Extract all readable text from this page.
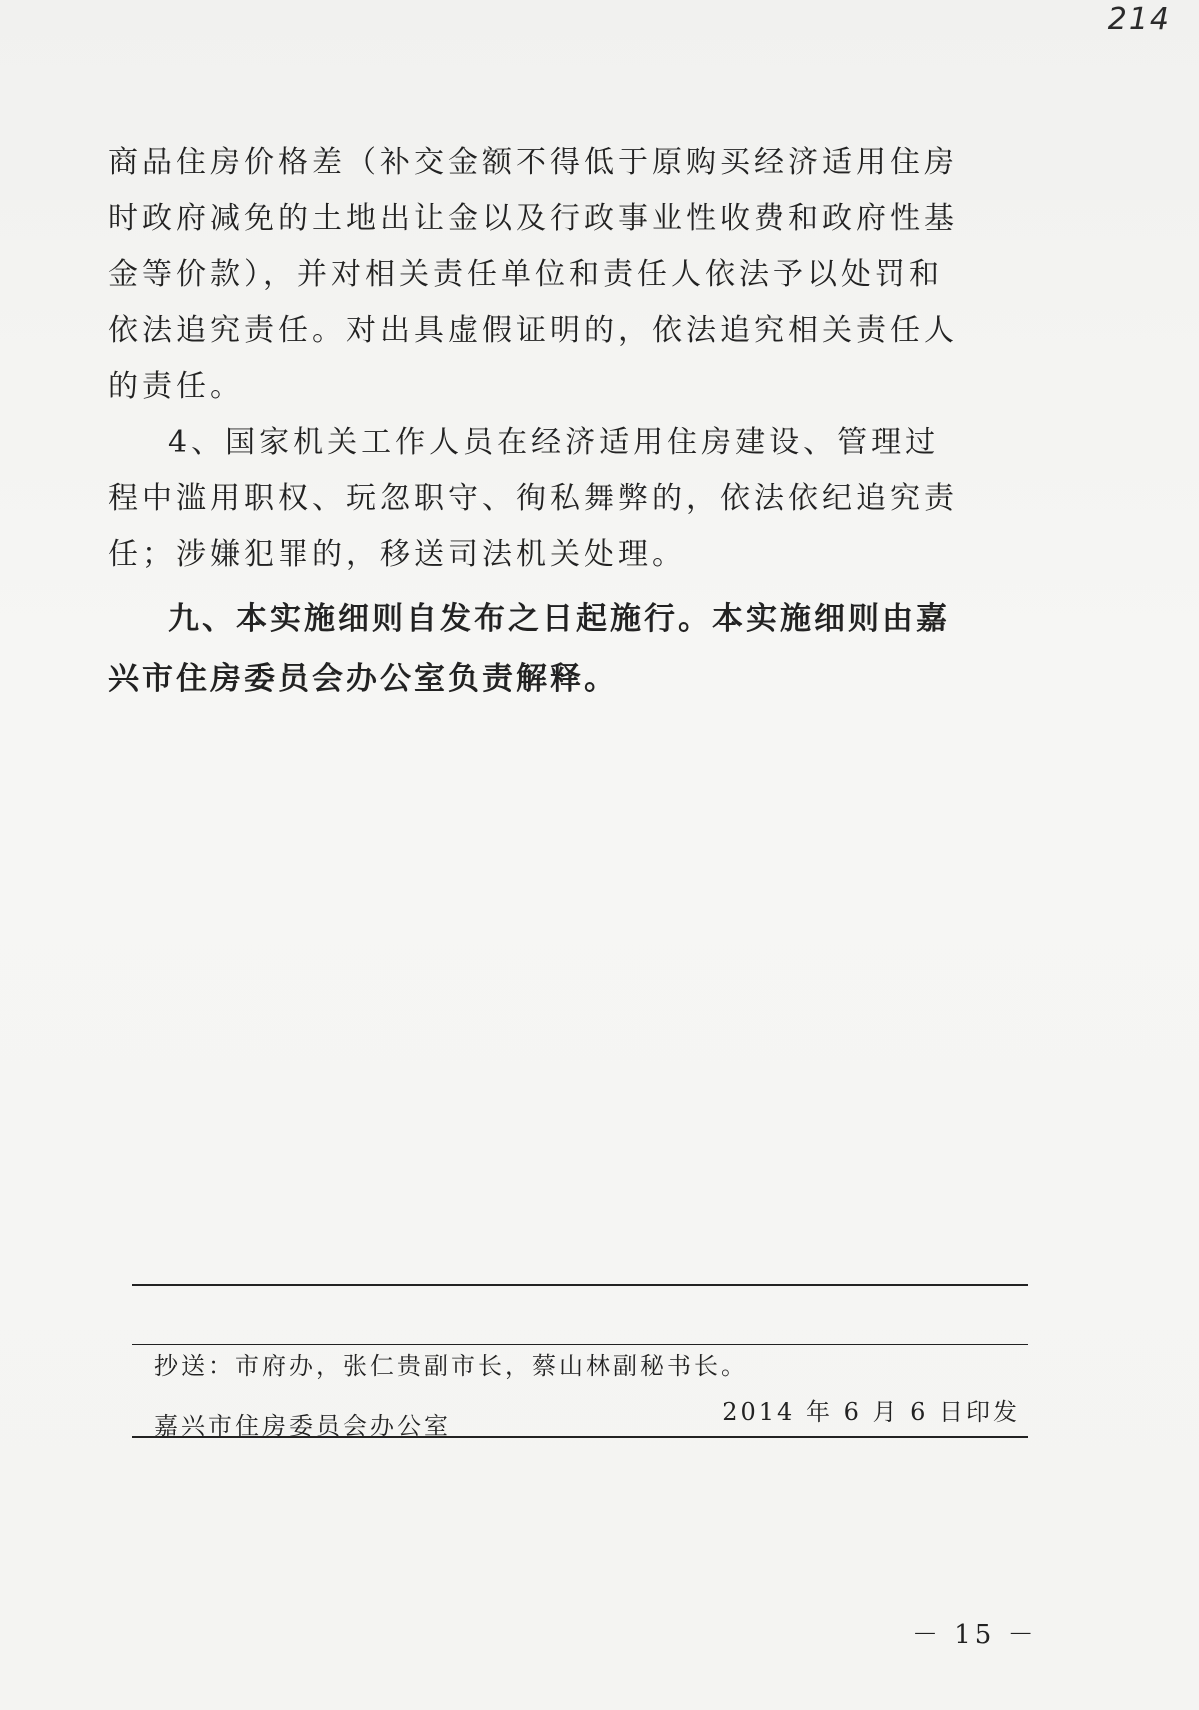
214

商品住房价格差（补交金额不得低于原购买经济适用住房时政府减免的土地出让金以及行政事业性收费和政府性基金等价款），并对相关责任单位和责任人依法予以处罚和依法追究责任。对出具虚假证明的，依法追究相关责任人的责任。

4、国家机关工作人员在经济适用住房建设、管理过程中滥用职权、玩忽职守、徇私舞弊的，依法依纪追究责任；涉嫌犯罪的，移送司法机关处理。

九、本实施细则自发布之日起施行。本实施细则由嘉兴市住房委员会办公室负责解释。

抄送：市府办，张仁贵副市长，蔡山林副秘书长。
嘉兴市住房委员会办公室	2014 年 6 月 6 日印发
－ 15 －
